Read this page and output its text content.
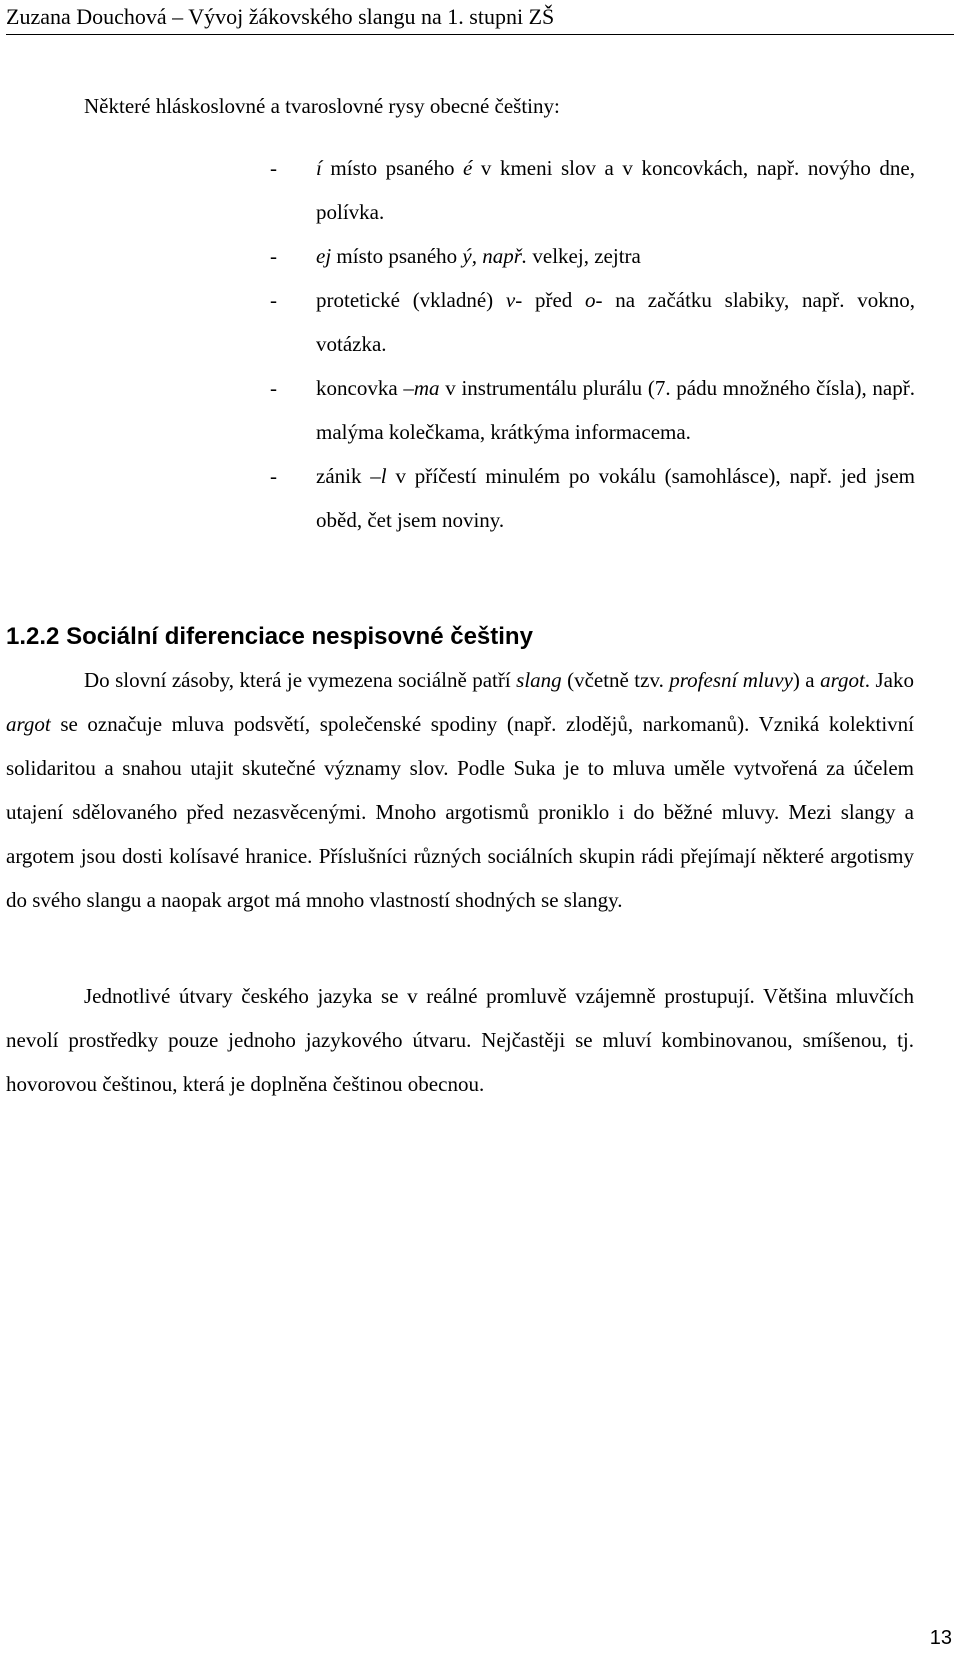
Zuzana Douchová – Vývoj žákovského slangu na 1. stupni ZŠ
Některé hláskoslovné a tvaroslovné rysy obecné češtiny:
- í místo psaného é v kmeni slov a v koncovkách, např. novýho dne, polívka.
- ej místo psaného ý, např. velkej, zejtra
- protetické (vkladné) v- před o- na začátku slabiky, např. vokno, votázka.
- koncovka –ma v instrumentálu plurálu (7. pádu množného čísla), např. malýma kolečkama, krátkýma informacema.
- zánik –l v příčestí minulém po vokálu (samohlásce), např. jed jsem oběd, čet jsem noviny.
1.2.2 Sociální diferenciace nespisovné češtiny

Do slovní zásoby, která je vymezena sociálně patří slang (včetně tzv. profesní mluvy) a argot. Jako argot se označuje mluva podsvětí, společenské spodiny (např. zlodějů, narkomanů). Vzniká kolektivní solidaritou a snahou utajit skutečné významy slov. Podle Suka je to mluva uměle vytvořená za účelem utajení sdělovaného před nezasvěcenými. Mnoho argotismů proniklo i do běžné mluvy. Mezi slangy a argotem jsou dosti kolísavé hranice. Příslušníci různých sociálních skupin rádi přejímají některé argotismy do svého slangu a naopak argot má mnoho vlastností shodných se slangy.

Jednotlivé útvary českého jazyka se v reálné promluvě vzájemně prostupují. Většina mluvčích nevolí prostředky pouze jednoho jazykového útvaru. Nejčastěji se mluví kombinovanou, smíšenou, tj. hovorovou češtinou, která je doplněna češtinou obecnou.

13
